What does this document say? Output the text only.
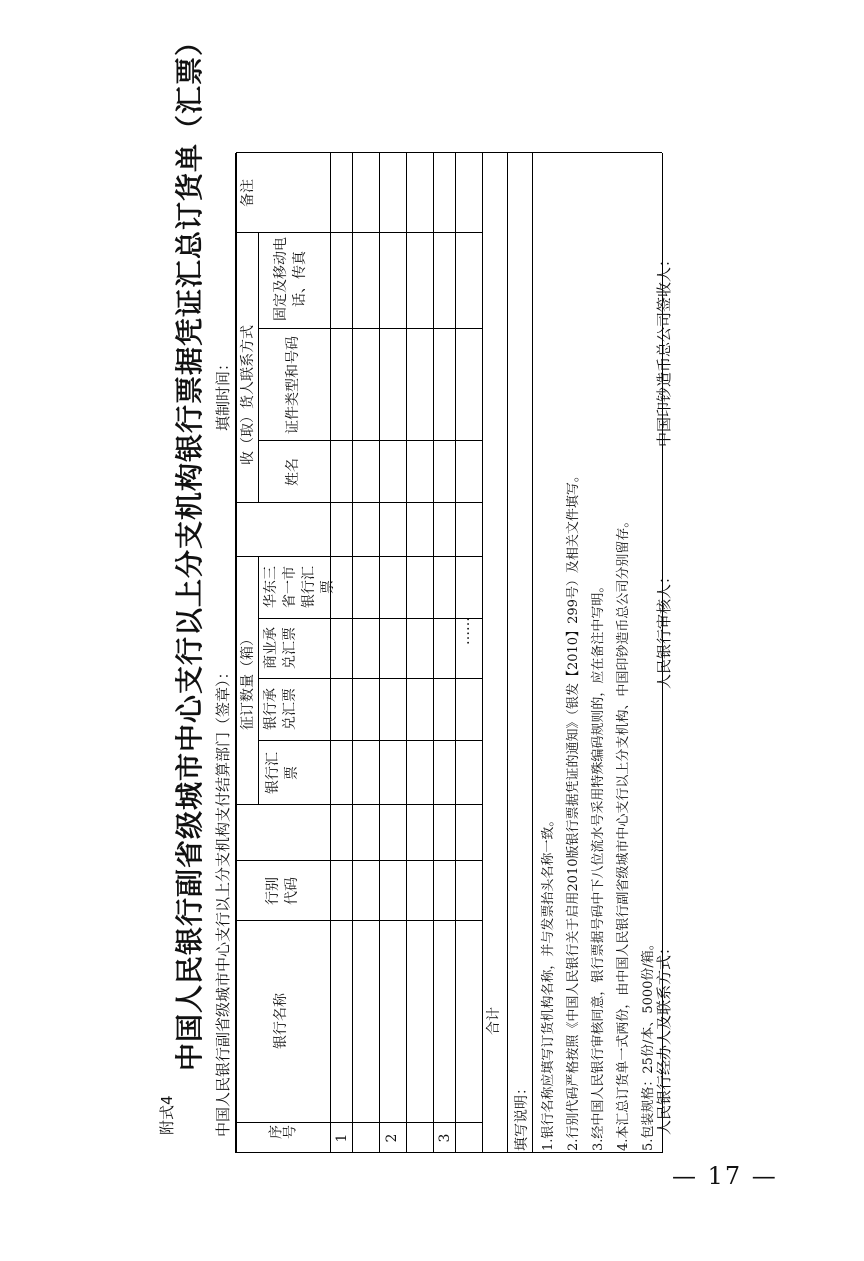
附式4
中国人民银行副省级城市中心支行以上分支机构银行票据凭证汇总订货单（汇票） 中国人民银行副省级城市中心支行以上分支机构支付结算部门（签章）：
填制时间：
序号
银行名称
行别代码
征订数量（箱）
银行汇票
银行承兑汇票
商业承兑汇票
华东三省一市银行汇票
收（取）货人联系方式
姓名
证件类型和号码
固定及移动电话、传真
备注
1 2	3
……
合计
填写说明： 1.银行名称应填写订货机构名称，并与发票抬头名称一致。 2.行别代码严格按照《中国人民银行关于启用2010版银行票据凭证的通知》（银发【2010】299号）及相关文件填写。 3.经中国人民银行审核同意，银行票据号码中下八位流水号采用特殊编码规则的，应在备注中写明。 4.本汇总订货单一式两份，由中国人民银行副省级城市中心支行以上分支机构、中国印钞造币总公司分别留存。 5.包装规格：25份/本、5000份/箱。 人民银行经办人及联系方式：
人民银行审核人：
中国印钞造币总公司签收人：
— 17 —
